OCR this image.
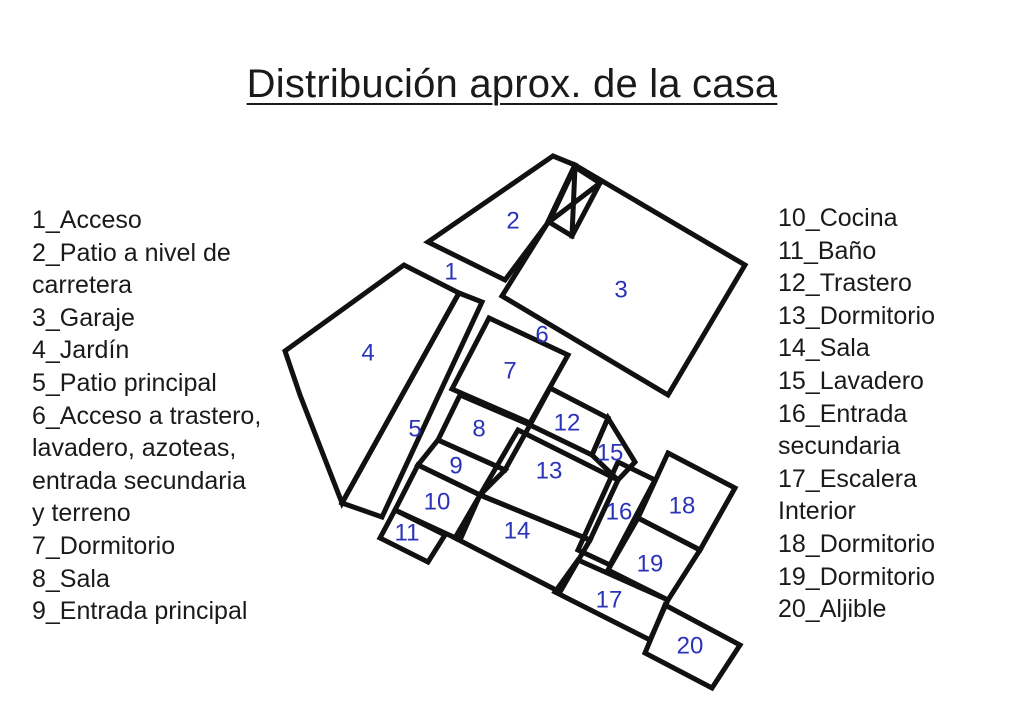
Distribución aprox. de la casa
1_Acceso
2_Patio a nivel de carretera
3_Garaje
4_Jardín
5_Patio principal
6_Acceso a trastero,
lavadero, azoteas,
entrada secundaria
y terreno
7_Dormitorio
8_Sala
9_Entrada principal
10_Cocina
11_Baño
12_Trastero
13_Dormitorio
14_Sala
15_Lavadero
16_Entrada
secundaria
17_Escalera
Interior
18_Dormitorio
19_Dormitorio
20_Aljible
1
2
3
4
5
6
7
8
9
10
11
12
13
14
15
16
17
18
19
20
